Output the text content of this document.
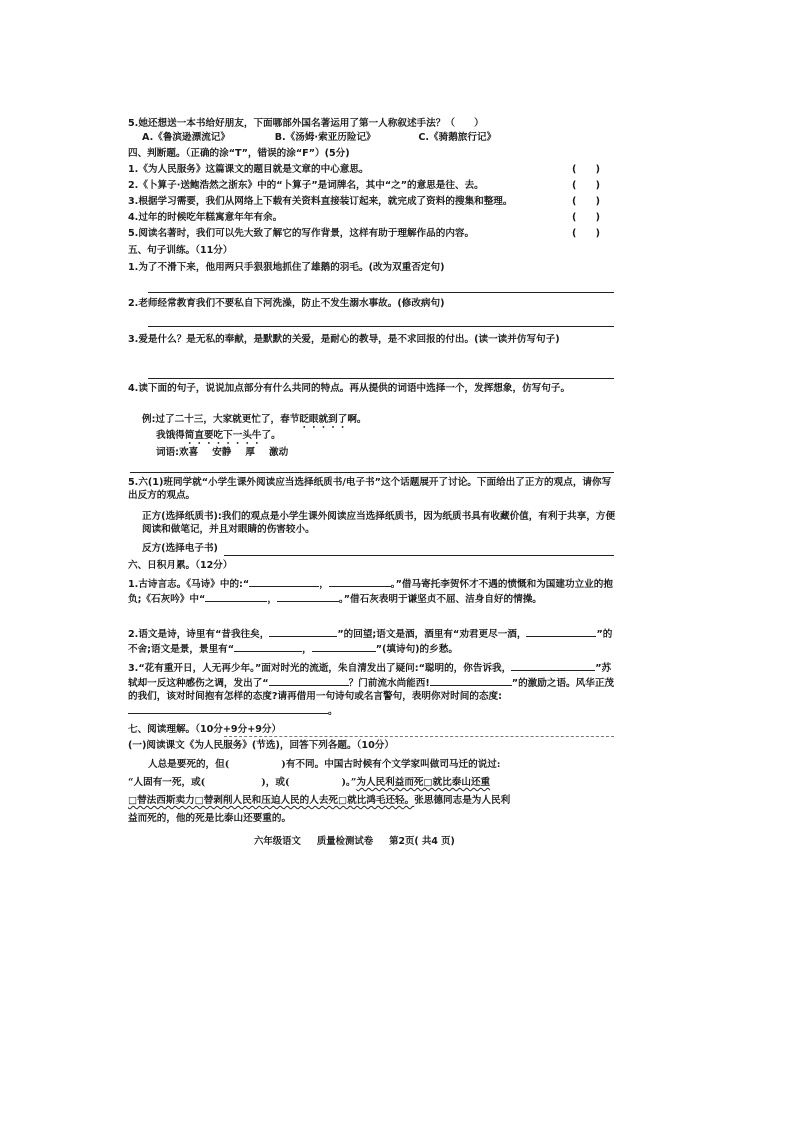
5.她还想送一本书给好朋友，下面哪部外国名著运用了第一人称叙述手法？（　　）
A.《鲁滨逊漂流记》	B.《汤姆·索亚历险记》	C.《骑鹅旅行记》
四、判断题。（正确的涂“T”，错误的涂“F”）(5分)
1.《为人民服务》这篇课文的题目就是文章的中心意思。	(　　)
2.《卜算子·送鲍浩然之浙东》中的“卜算子”是词牌名，其中“之”的意思是往、去。	(　　)
3.根据学习需要，我们从网络上下载有关资料直接装订起来，就完成了资料的搜集和整理。	(　　)
4.过年的时候吃年糕寓意年年有余。	(　　)
5.阅读名著时，我们可以先大致了解它的写作背景，这样有助于理解作品的内容。	(　　)
五、句子训练。（11分）
1.为了不滑下来，他用两只手狠狠地抓住了雄鹅的羽毛。(改为双重否定句)
2.老师经常教育我们不要私自下河洗澡，防止不发生溺水事故。(修改病句)
3.爱是什么？是无私的奉献，是默默的关爱，是耐心的教导，是不求回报的付出。(读一读并仿写句子)
4.读下面的句子，说说加点部分有什么共同的特点。再从提供的词语中选择一个，发挥想象，仿写句子。
例:过了二十三，大家就更忙了，春节眨眼就到了啊。
我饿得简直要吃下一头牛了。
词语:欢喜 安静 厚 激动
5.六(1)班同学就“小学生课外阅读应当选择纸质书/电子书”这个话题展开了讨论。下面给出了正方的观点，请你写出反方的观点。
正方(选择纸质书):我们的观点是小学生课外阅读应当选择纸质书，因为纸质书具有收藏价值，有利于共享，方便阅读和做笔记，并且对眼睛的伤害较小。
反方(选择电子书)
六、日积月累。（12分）
1.古诗言志。《马诗》中的:“	，	。”借马寄托李贺怀才不遇的愤慨和为国建功立业的抱负;《石灰吟》中“	，	。”借石灰表明于谦坚贞不屈、洁身自好的情操。
2.语文是诗，诗里有“昔我往矣，	”的回望;语文是酒，酒里有“劝君更尽一酒，	”的不舍;语文是景，景里有“	，	”(填诗句)的乡愁。
3.“花有重开日，人无再少年。”面对时光的流逝，朱自清发出了疑问:“聪明的，你告诉我，	”苏轼却一反这种感伤之调，发出了“	？门前流水尚能西!	”的激励之语。风华正茂的我们，该对时间抱有怎样的态度?请再借用一句诗句或名言警句，表明你对时间的态度:。
七、阅读理解。（10分+9分+9分）
(一)阅读课文《为人民服务》(节选)，回答下列各题。（10分）
人总是要死的，但(	)有不同。中国古时候有个文学家叫做司马迁的说过:
“人固有一死，或(	)，或(	)。”为人民利益而死□就比泰山还重
□替法西斯卖力□替剥削人民和压迫人民的人去死□就比鸿毛还轻。张思德同志是为人民利
益而死的，他的死是比泰山还要重的。
六年级语文 质量检测试卷 第2页( 共4 页)
